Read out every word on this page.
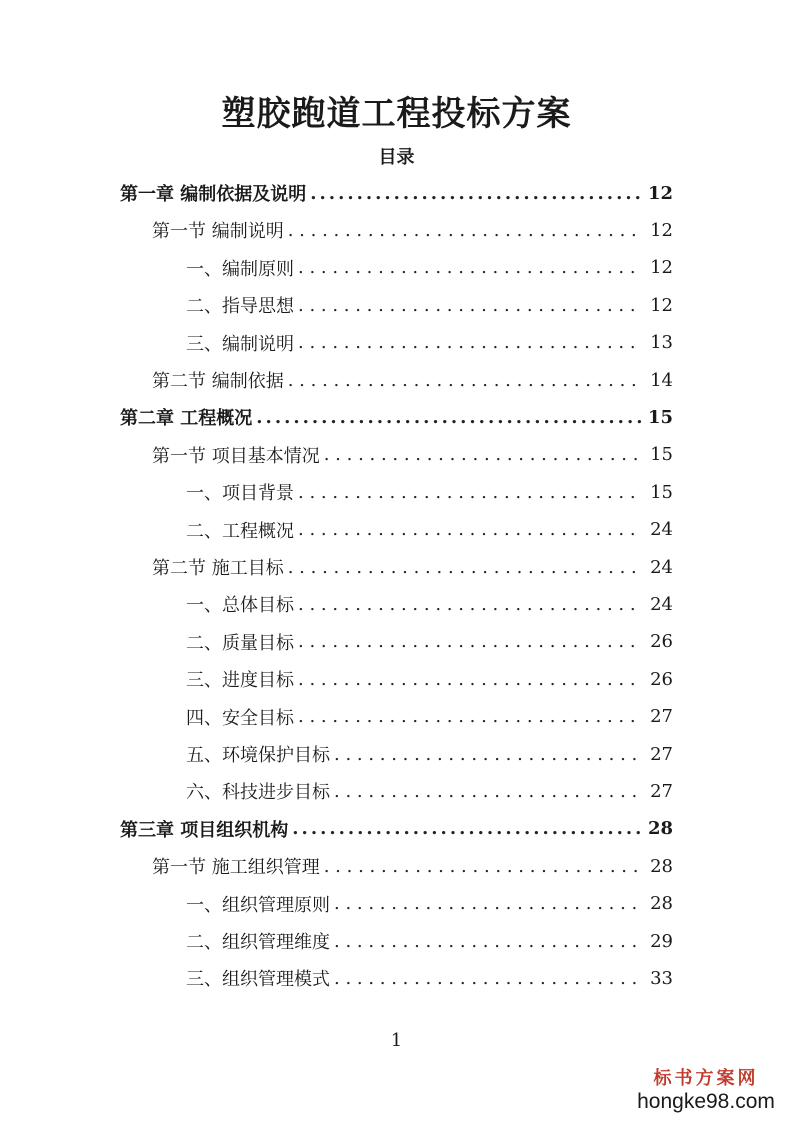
塑胶跑道工程投标方案
目录
第一章 编制依据及说明 .....	12
第一节 编制说明 . . .	12
一、编制原则 . . .	12
二、指导思想 . . .	12
三、编制说明 . . .	13
第二节 编制依据 . . .	14
第二章 工程概况 .....	15
第一节 项目基本情况 . . .	15
一、项目背景 . . .	15
二、工程概况 . . .	24
第二节 施工目标 . . .	24
一、总体目标 . . .	24
二、质量目标 . . .	26
三、进度目标 . . .	26
四、安全目标 . . .	27
五、环境保护目标 . . .	27
六、科技进步目标 . . .	27
第三章 项目组织机构 .....	28
第一节 施工组织管理 . . .	28
一、组织管理原则 . . .	28
二、组织管理维度 . . .	29
三、组织管理模式 . . .	33
1
标书方案网
hongke98.com
